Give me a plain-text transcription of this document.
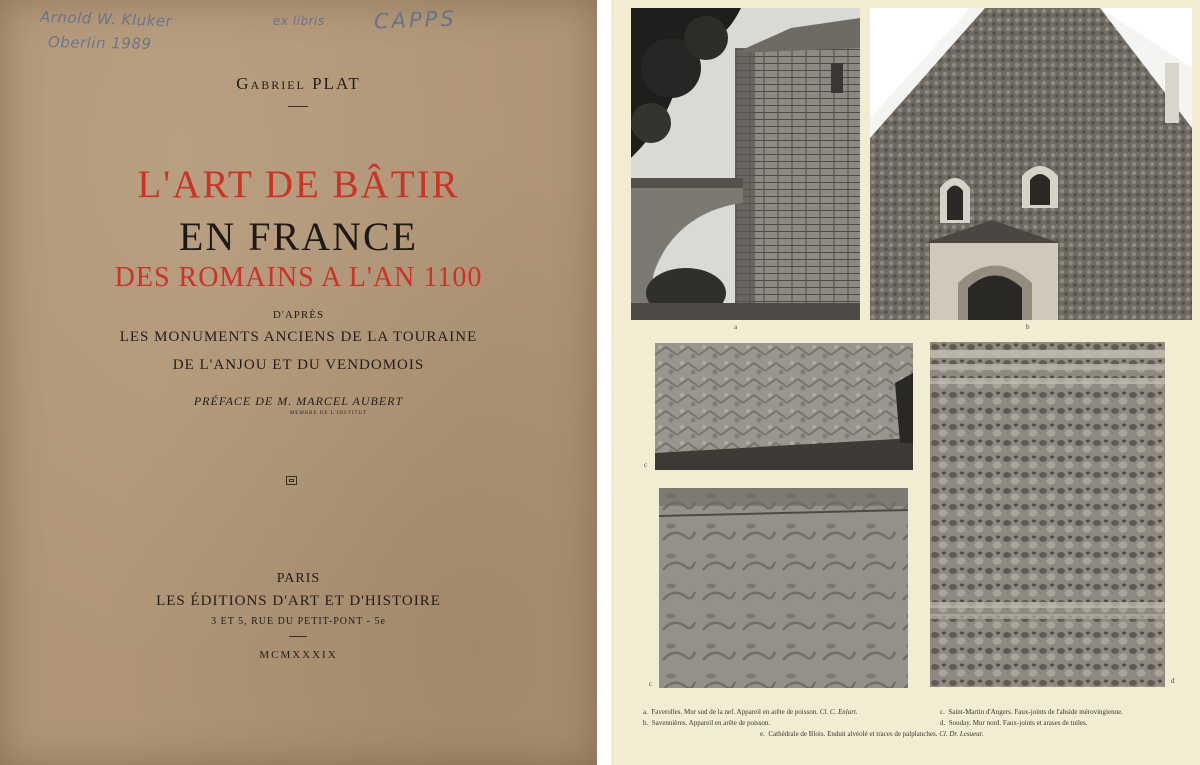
Arnold W. Kluker
Oberlin 1989
ex libris CAPPS
Gabriel PLAT
L'ART DE BÂTIR
EN FRANCE
DES ROMAINS A L'AN 1100
D'APRÈS
LES MONUMENTS ANCIENS DE LA TOURAINE
DE L'ANJOU ET DU VENDOMOIS
PRÉFACE DE M. MARCEL AUBERT
MEMBRE DE L'INSTITUT
PARIS
LES ÉDITIONS D'ART ET D'HISTOIRE
3 ET 5, RUE DU PETIT-PONT - 5e
MCMXXXIX
a	b
c
d
c
a. Faverolles. Mur sud de la nef. Appareil en arête de poisson. Cl. C. Enlart.
b. Savennières. Appareil en arête de poisson.
c. Saint-Martin d'Angers. Faux-joints de l'abside mérovingienne.
d. Souday. Mur nord. Faux-joints et arases de tuiles.
e. Cathédrale de Blois. Enduit alvéolé et traces de palplanches. Cl. Dr. Lesueur.
